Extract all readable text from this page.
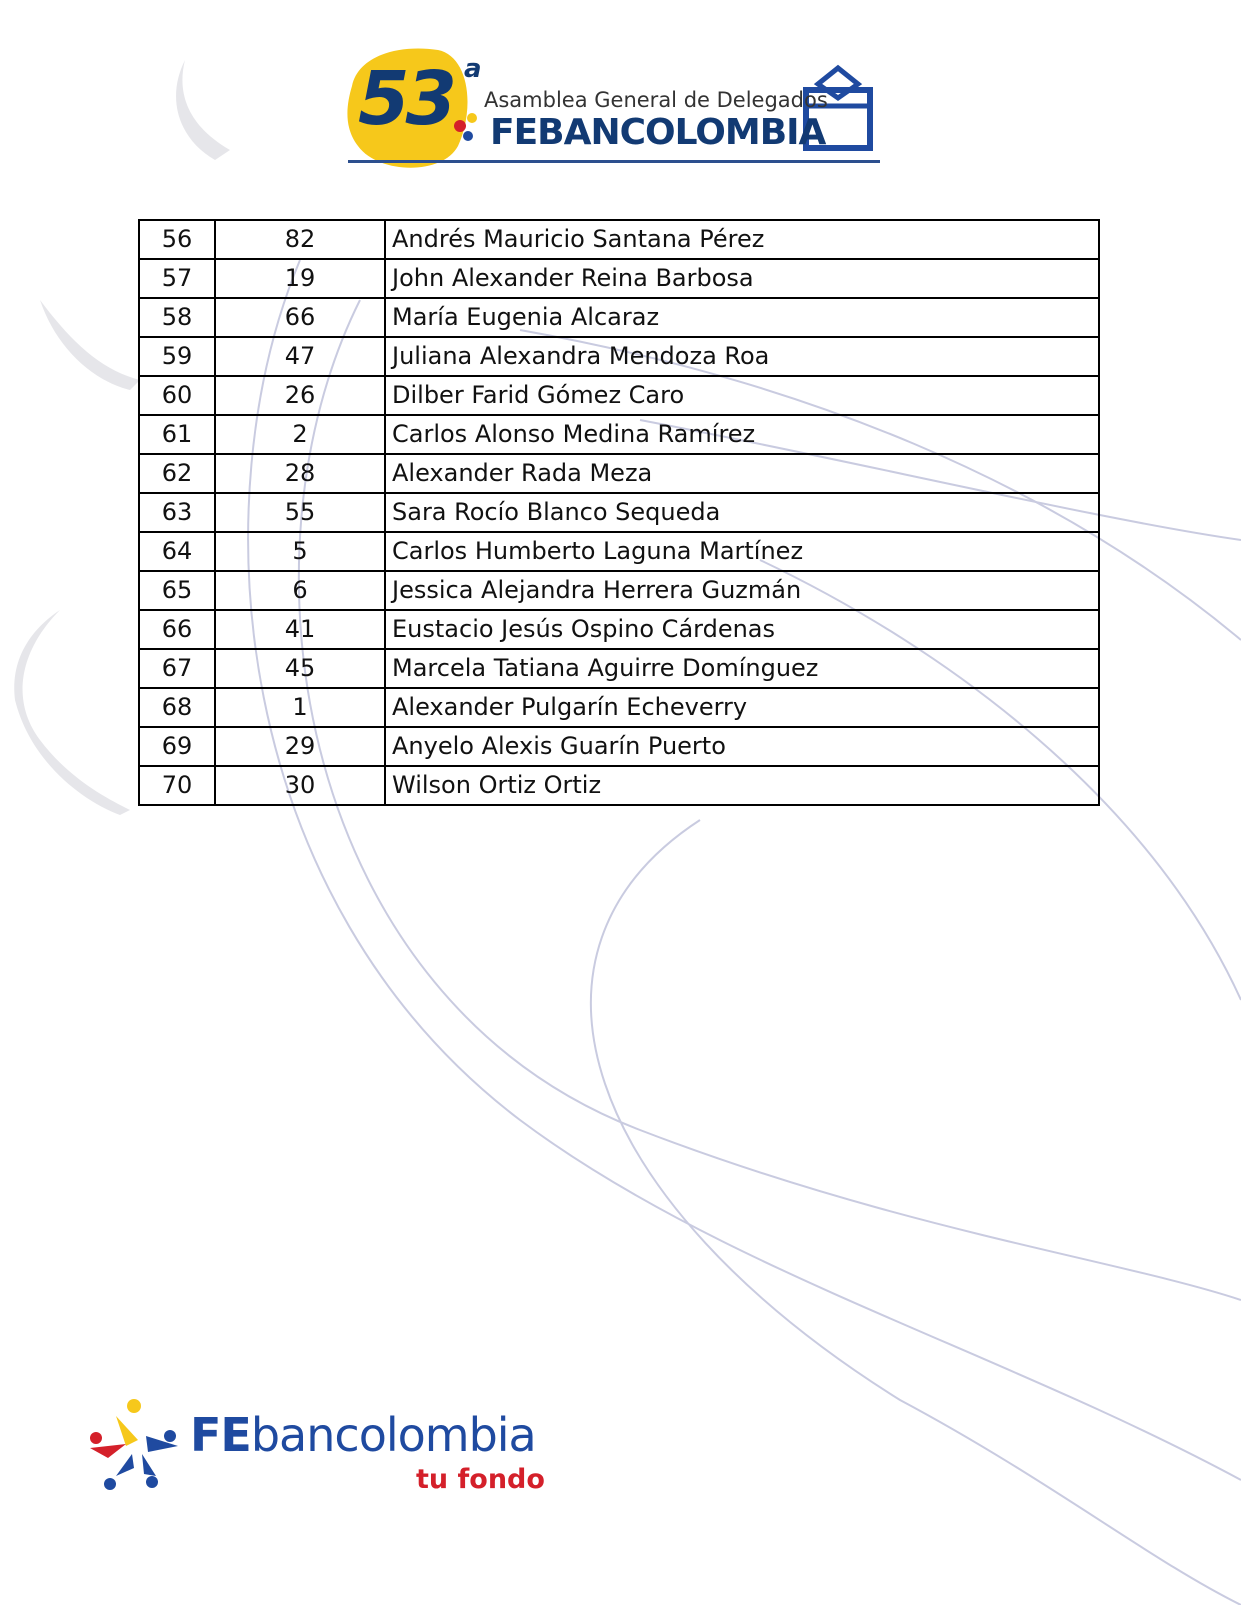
53 a
Asamblea General de Delegados
FEBANCOLOMBIA
56	82	Andrés Mauricio Santana Pérez
57	19	John Alexander Reina Barbosa
58	66	María Eugenia Alcaraz
59	47	Juliana Alexandra Mendoza Roa
60	26	Dilber Farid Gómez Caro
61	2	Carlos Alonso Medina Ramírez
62	28	Alexander Rada Meza
63	55	Sara Rocío Blanco Sequeda
64	5	Carlos Humberto Laguna Martínez
65	6	Jessica Alejandra Herrera Guzmán
66	41	Eustacio Jesús Ospino Cárdenas
67	45	Marcela Tatiana Aguirre Domínguez
68	1	Alexander Pulgarín Echeverry
69	29	Anyelo Alexis Guarín Puerto
70	30	Wilson Ortiz Ortiz
FEbancolombia
tu fondo
